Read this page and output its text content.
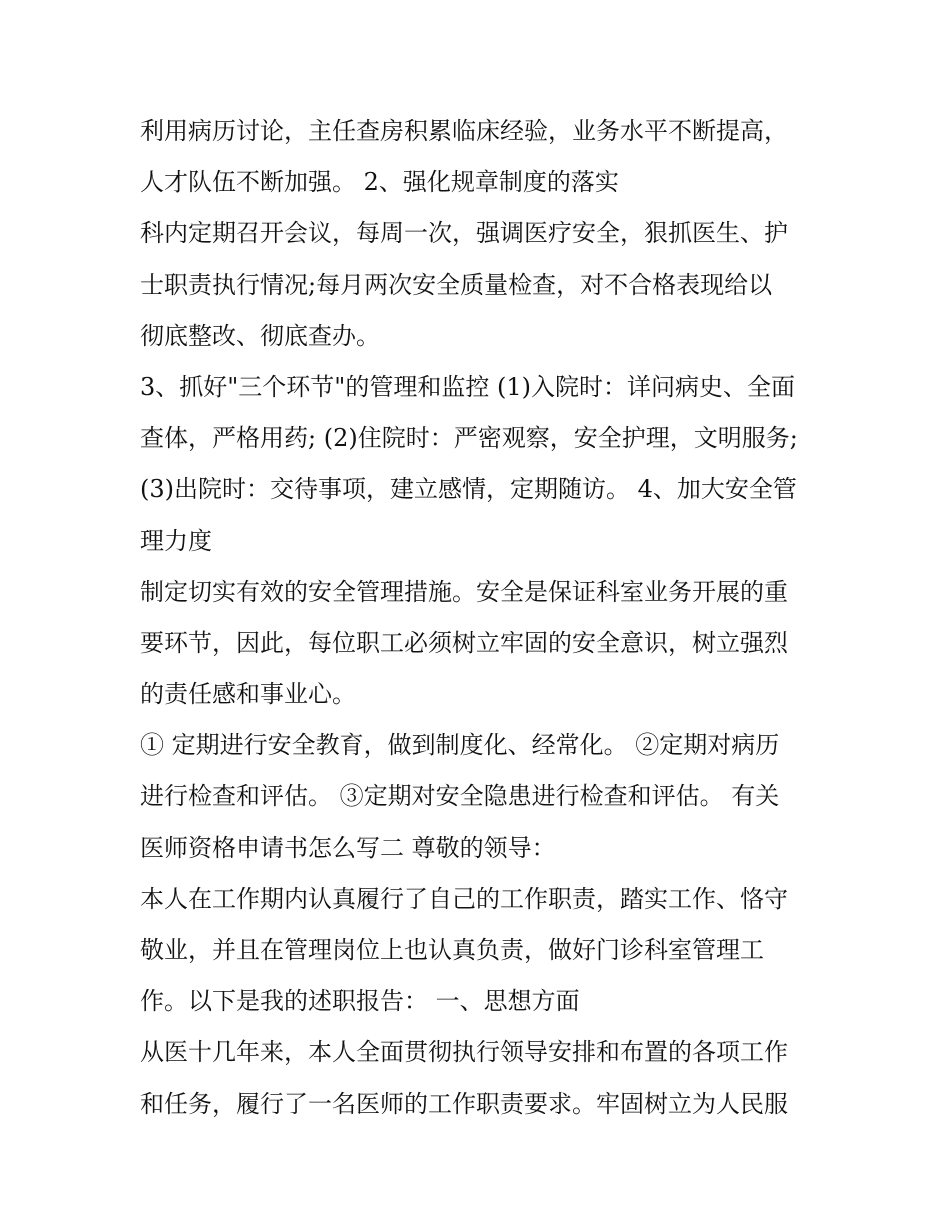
利用病历讨论，主任查房积累临床经验，业务水平不断提高，
人才队伍不断加强。 2、强化规章制度的落实
科内定期召开会议，每周一次，强调医疗安全，狠抓医生、护
士职责执行情况;每月两次安全质量检查，对不合格表现给以
彻底整改、彻底查办。
3、抓好"三个环节"的管理和监控 (1)入院时：详问病史、全面
查体，严格用药; (2)住院时：严密观察，安全护理，文明服务;
(3)出院时：交待事项，建立感情，定期随访。 4、加大安全管
理力度
制定切实有效的安全管理措施。安全是保证科室业务开展的重
要环节，因此，每位职工必须树立牢固的安全意识，树立强烈
的责任感和事业心。
① 定期进行安全教育，做到制度化、经常化。 ②定期对病历
进行检查和评估。 ③定期对安全隐患进行检查和评估。 有关
医师资格申请书怎么写二 尊敬的领导：
本人在工作期内认真履行了自己的工作职责，踏实工作、恪守
敬业，并且在管理岗位上也认真负责，做好门诊科室管理工
作。以下是我的述职报告： 一、思想方面
从医十几年来，本人全面贯彻执行领导安排和布置的各项工作
和任务，履行了一名医师的工作职责要求。牢固树立为人民服
